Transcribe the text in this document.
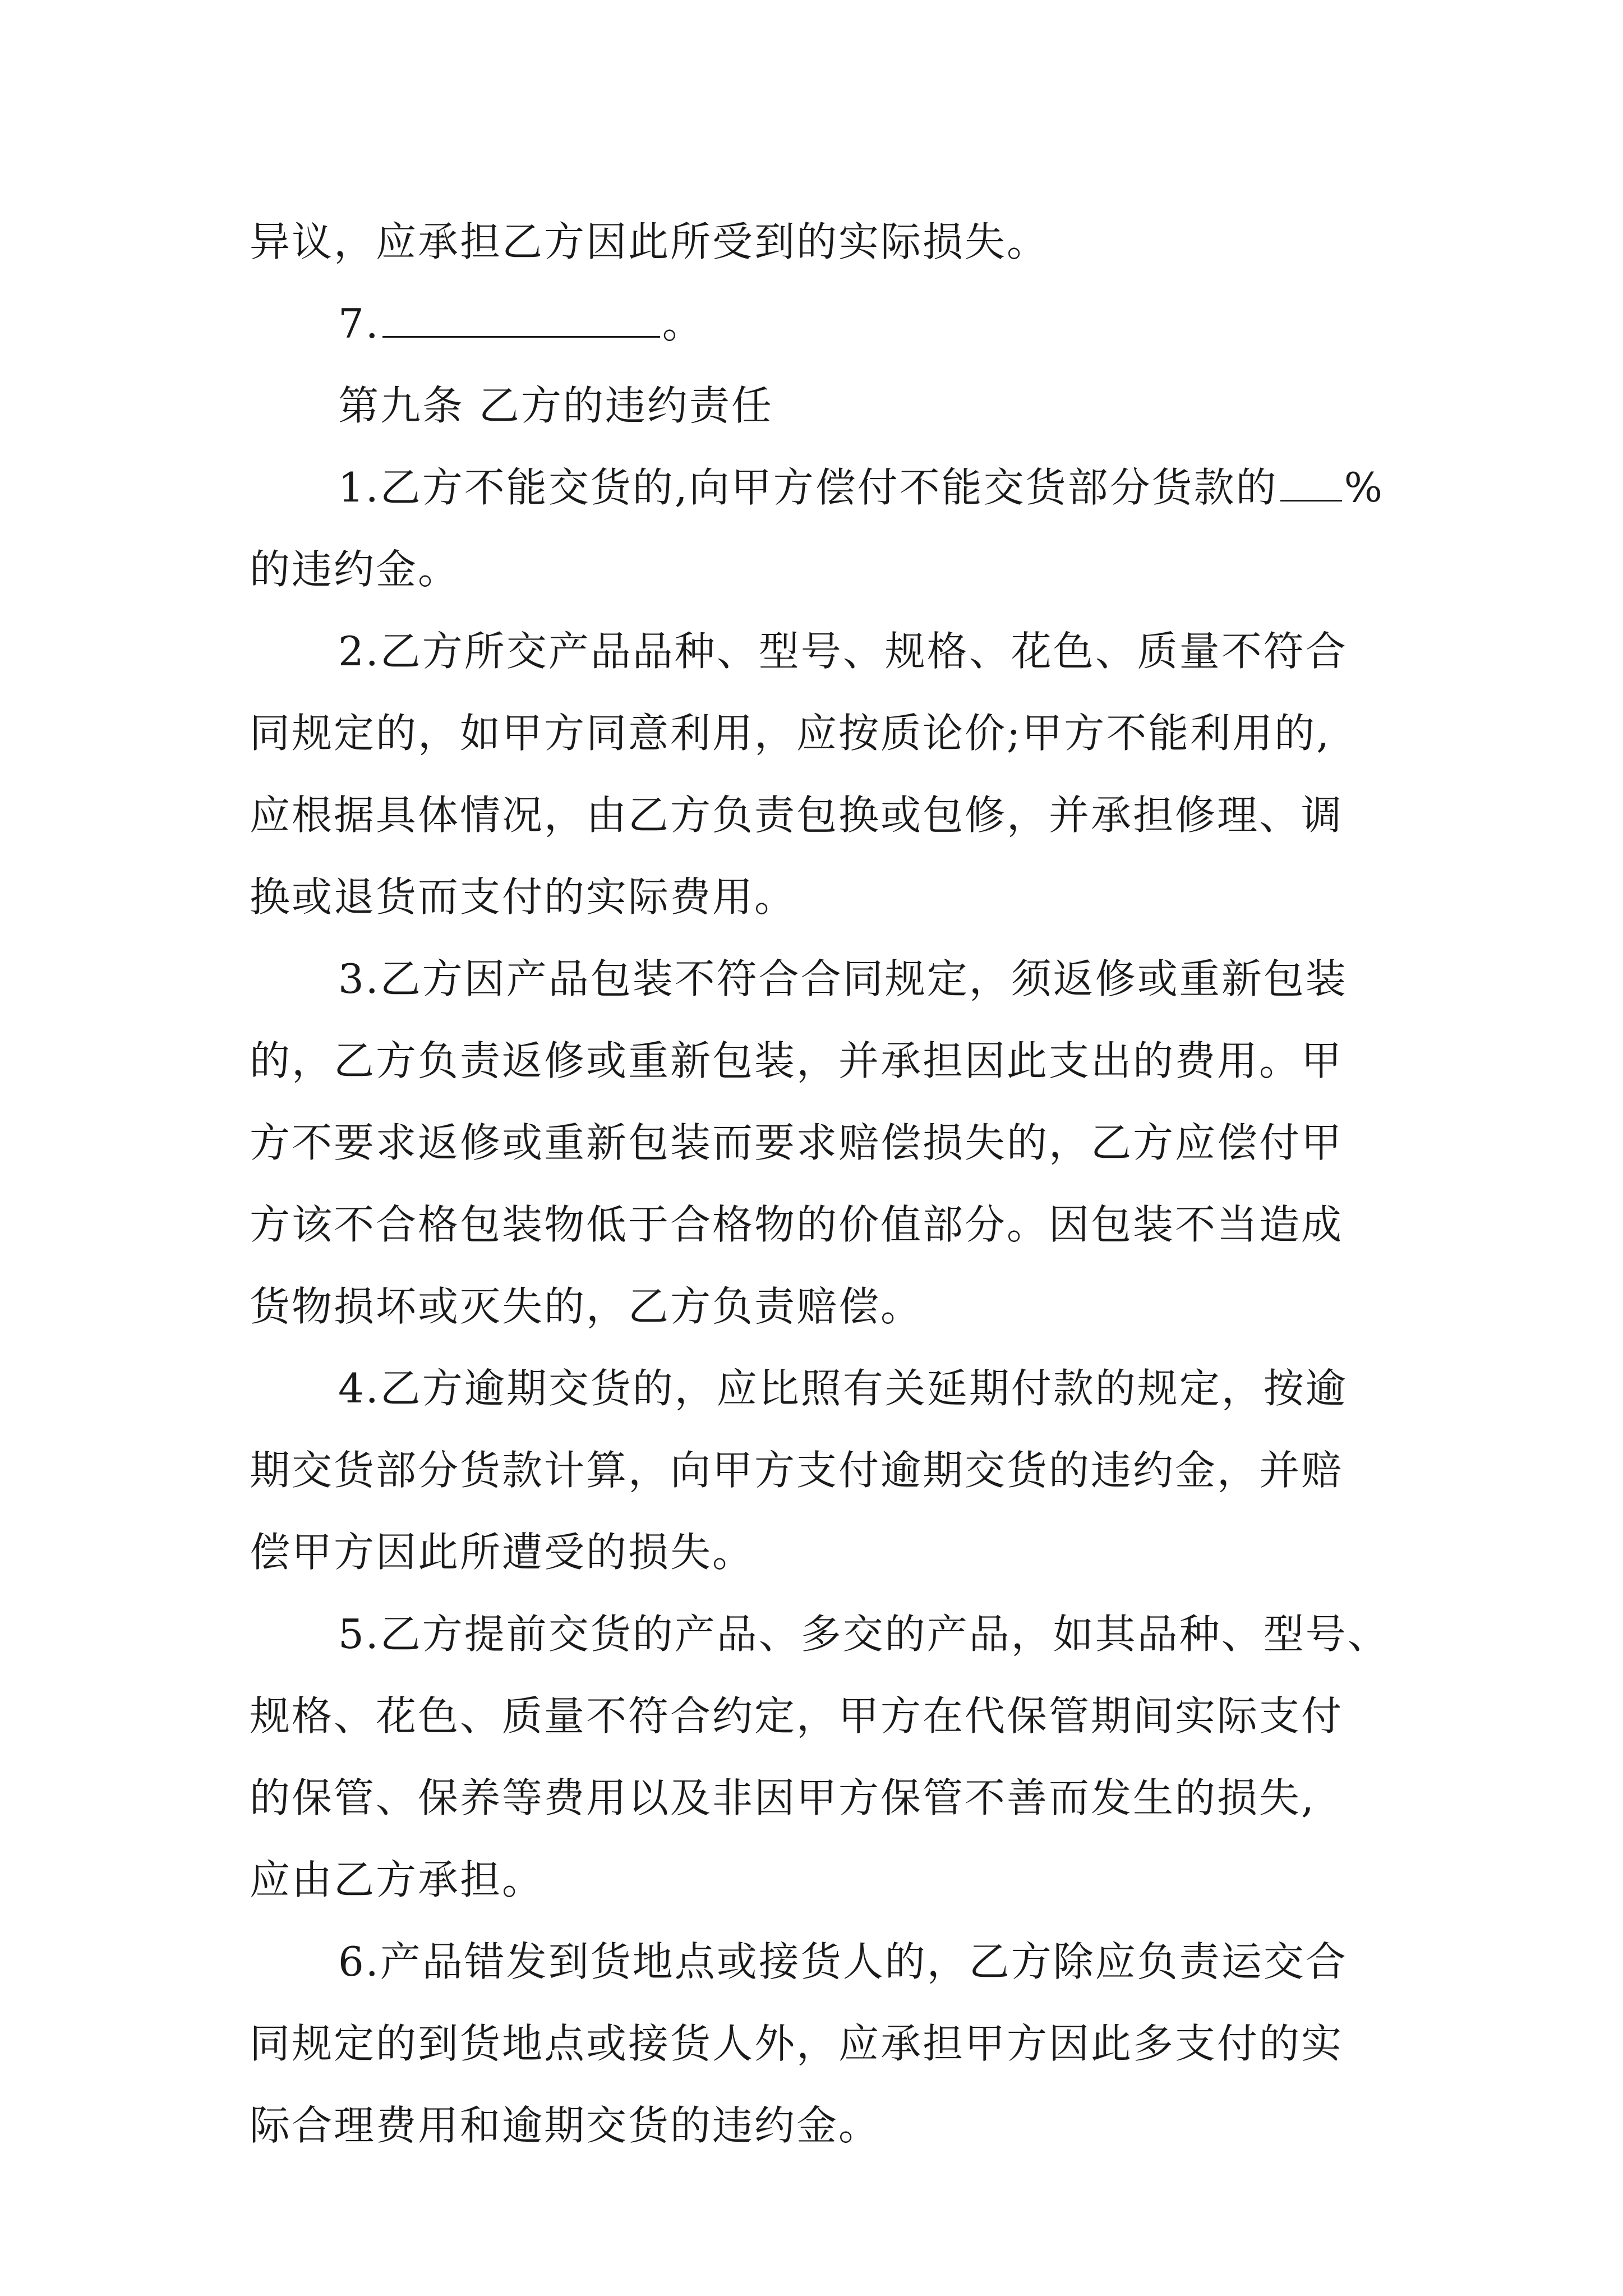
异议，应承担乙方因此所受到的实际损失。
7.	。
第九条 乙方的违约责任
1.乙方不能交货的,向甲方偿付不能交货部分货款的 %
的违约金。
2.乙方所交产品品种、型号、规格、花色、质量不符合
同规定的，如甲方同意利用，应按质论价;甲方不能利用的,
应根据具体情况，由乙方负责包换或包修，并承担修理、调
换或退货而支付的实际费用。
3.乙方因产品包装不符合合同规定，须返修或重新包装
的，乙方负责返修或重新包装，并承担因此支出的费用。甲
方不要求返修或重新包装而要求赔偿损失的，乙方应偿付甲
方该不合格包装物低于合格物的价值部分。因包装不当造成
货物损坏或灭失的，乙方负责赔偿。
4.乙方逾期交货的，应比照有关延期付款的规定，按逾
期交货部分货款计算，向甲方支付逾期交货的违约金，并赔
偿甲方因此所遭受的损失。
5.乙方提前交货的产品、多交的产品，如其品种、型号、
规格、花色、质量不符合约定，甲方在代保管期间实际支付
的保管、保养等费用以及非因甲方保管不善而发生的损失,
应由乙方承担。
6.产品错发到货地点或接货人的，乙方除应负责运交合
同规定的到货地点或接货人外，应承担甲方因此多支付的实
际合理费用和逾期交货的违约金。
